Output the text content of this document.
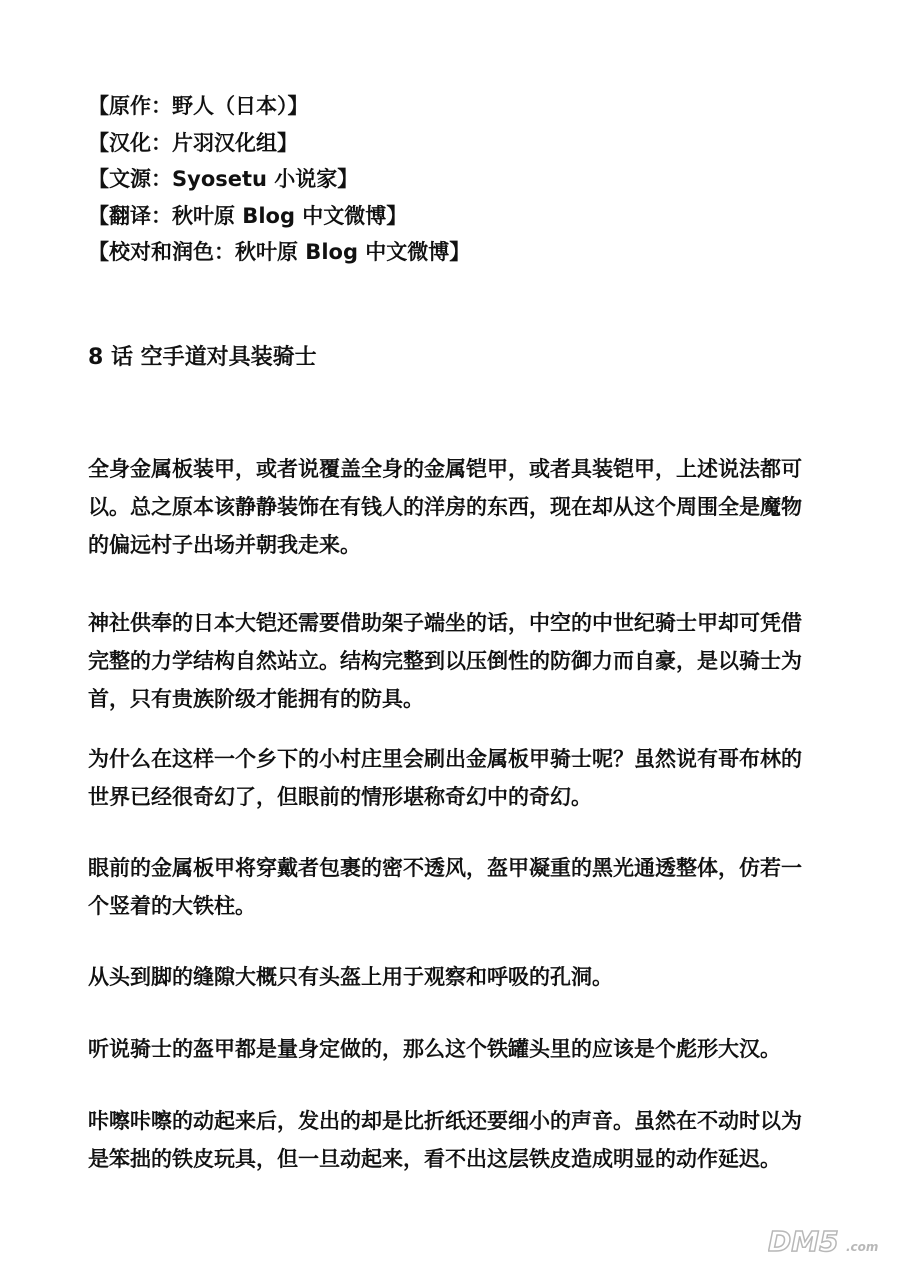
【原作：野人（日本）】
【汉化：片羽汉化组】
【文源：Syosetu 小说家】
【翻译：秋叶原 Blog 中文微博】
【校对和润色：秋叶原 Blog 中文微博】
8 话 空手道对具装骑士

全身金属板装甲，或者说覆盖全身的金属铠甲，或者具装铠甲，上述说法都可以。总之原本该静静装饰在有钱人的洋房的东西，现在却从这个周围全是魔物的偏远村子出场并朝我走来。

神社供奉的日本大铠还需要借助架子端坐的话，中空的中世纪骑士甲却可凭借完整的力学结构自然站立。结构完整到以压倒性的防御力而自豪，是以骑士为首，只有贵族阶级才能拥有的防具。

为什么在这样一个乡下的小村庄里会刷出金属板甲骑士呢？虽然说有哥布林的世界已经很奇幻了，但眼前的情形堪称奇幻中的奇幻。

眼前的金属板甲将穿戴者包裹的密不透风，盔甲凝重的黑光通透整体，仿若一个竖着的大铁柱。

从头到脚的缝隙大概只有头盔上用于观察和呼吸的孔洞。

听说骑士的盔甲都是量身定做的，那么这个铁罐头里的应该是个彪形大汉。

咔嚓咔嚓的动起来后，发出的却是比折纸还要细小的声音。虽然在不动时以为是笨拙的铁皮玩具，但一旦动起来，看不出这层铁皮造成明显的动作延迟。

DM5 .com
